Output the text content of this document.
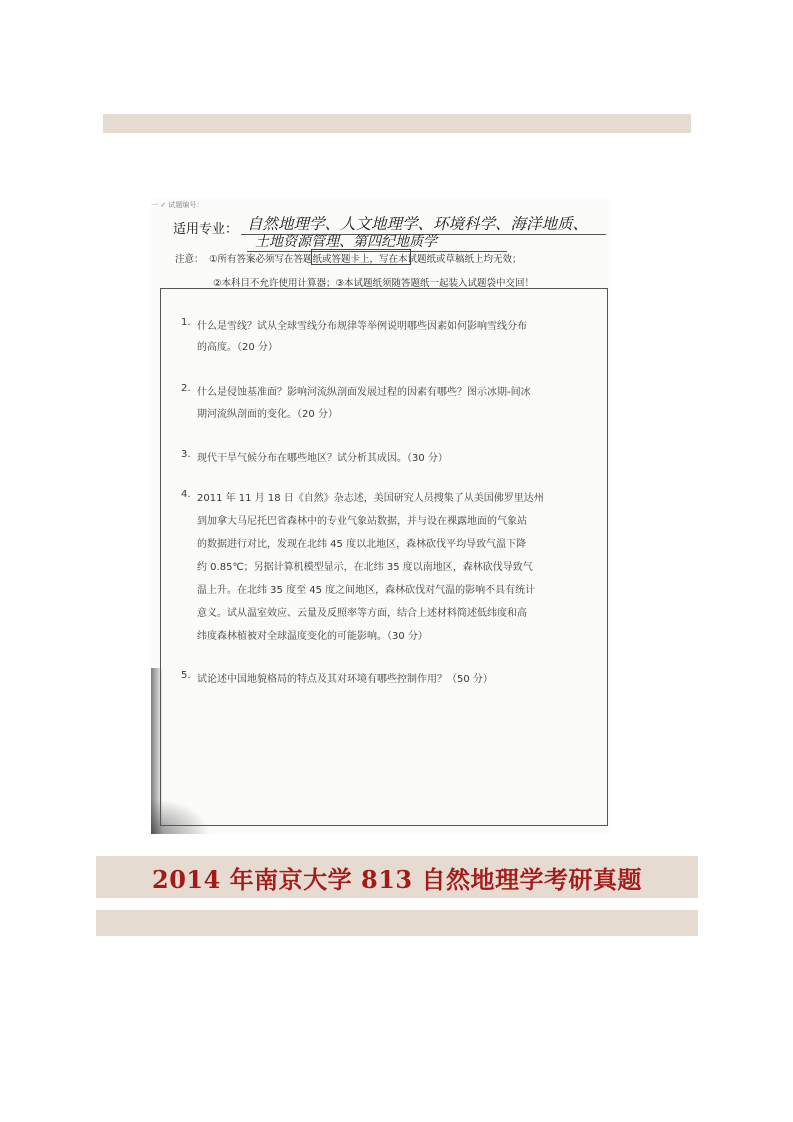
一 ✓ 试题编号：
适用专业： 自然地理学、人文地理学、环境科学、海洋地质、
土地资源管理、第四纪地质学
注意： ①所有答案必须写在答题纸或答题卡上，写在本试题纸或草稿纸上均无效；
②本科目不允许使用计算器；③本试题纸须随答题纸一起装入试题袋中交回！
1. 什么是雪线？试从全球雪线分布规律等举例说明哪些因素如何影响雪线分布
的高度。（20 分）
2. 什么是侵蚀基准面？影响河流纵剖面发展过程的因素有哪些？图示冰期-间冰
期河流纵剖面的变化。（20 分）
3. 现代干旱气候分布在哪些地区？试分析其成因。（30 分）
4. 2011 年 11 月 18 日《自然》杂志述，美国研究人员搜集了从美国佛罗里达州
到加拿大马尼托巴省森林中的专业气象站数据，并与设在裸露地面的气象站
的数据进行对比，发现在北纬 45 度以北地区，森林砍伐平均导致气温下降
约 0.85℃；另据计算机模型显示，在北纬 35 度以南地区，森林砍伐导致气
温上升。在北纬 35 度至 45 度之间地区，森林砍伐对气温的影响不具有统计
意义。试从温室效应、云量及反照率等方面，结合上述材料简述低纬度和高
纬度森林植被对全球温度变化的可能影响。（30 分）
5. 试论述中国地貌格局的特点及其对环境有哪些控制作用？（50 分）
2014 年南京大学 813 自然地理学考研真题
